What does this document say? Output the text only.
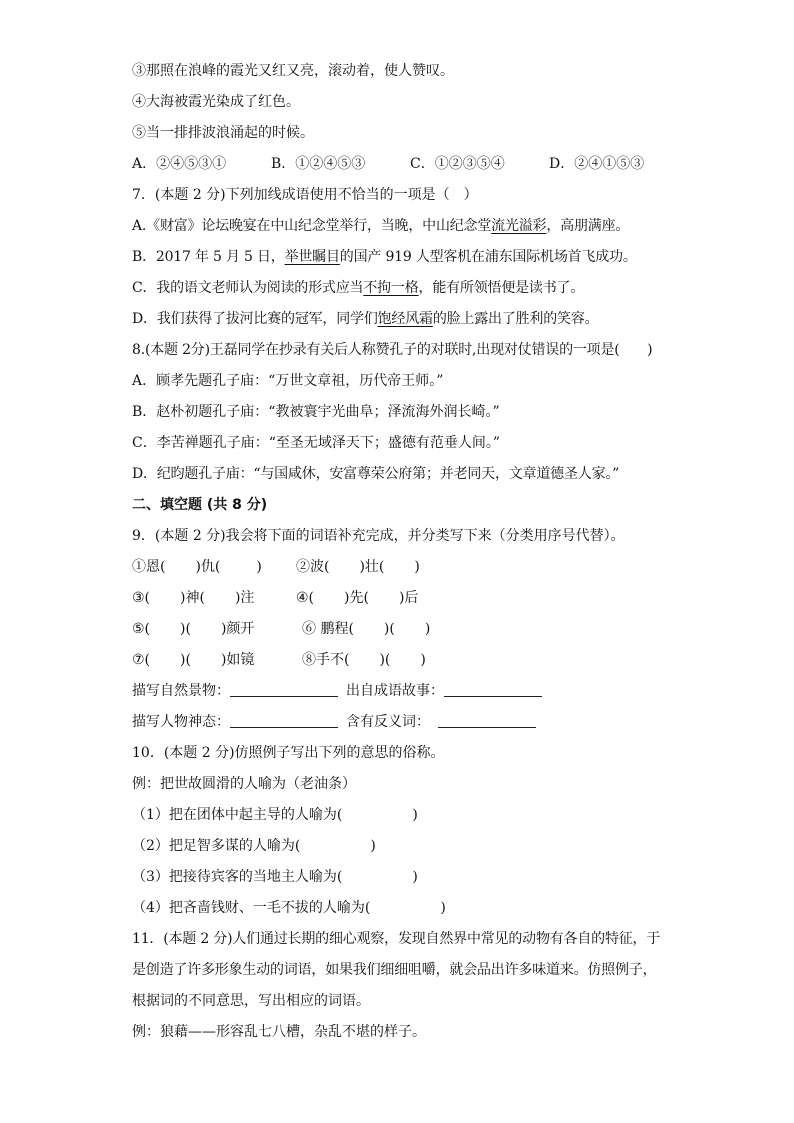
③那照在浪峰的霞光又红又亮，滚动着，使人赞叹。
④大海被霞光染成了红色。
⑤当一排排波浪涌起的时候。
A．②④⑤③①	B．①②④⑤③	C．①②③⑤④	D．②④①⑤③
7．(本题 2 分)下列加线成语使用不恰当的一项是（　）
A.《财富》论坛晚宴在中山纪念堂举行，当晚，中山纪念堂流光溢彩，高朋满座。
B．2017 年 5 月 5 日，举世瞩目的国产 919 人型客机在浦东国际机场首飞成功。
C．我的语文老师认为阅读的形式应当不拘一格，能有所领悟便是读书了。
D．我们获得了拔河比赛的冠军，同学们饱经风霜的脸上露出了胜利的笑容。
8.(本题 2分)王磊同学在抄录有关后人称赞孔子的对联时,出现对仗错误的一项是(　　)
A．顾孝先题孔子庙：“万世文章祖，历代帝王师。”
B．赵朴初题孔子庙：“教被寰宇光曲阜；泽流海外润长崎。”
C．李苦禅题孔子庙：“至圣无域泽天下；盛德有范垂人间。”
D．纪昀题孔子庙：“与国咸休，安富尊荣公府第；并老同天，文章道德圣人家。”
二、填空题 (共 8 分)
9．(本题 2 分)我会将下面的词语补充完成，并分类写下来（分类用序号代替）。
①恩( )仇(	) ②波( )壮( )
③( )神( )注	④( )先( )后
⑤( )( )颜开	⑥ 鹏程( )( )
⑦( )( )如镜	⑧手不( )( )
描写自然景物：	出自成语故事：
描写人物神态：	含有反义词：
10．(本题 2 分)仿照例子写出下列的意思的俗称。
例：把世故圆滑的人喻为（老油条）
（1）把在团体中起主导的人喻为(	)
（2）把足智多谋的人喻为(	)
（3）把接待宾客的当地主人喻为(	)
（4）把吝啬钱财、一毛不拔的人喻为(	)
11．(本题 2 分)人们通过长期的细心观察，发现自然界中常见的动物有各自的特征，于
是创造了许多形象生动的词语，如果我们细细咀嚼，就会品出许多味道来。仿照例子，
根据词的不同意思，写出相应的词语。
例：狼藉——形容乱七八槽，杂乱不堪的样子。
